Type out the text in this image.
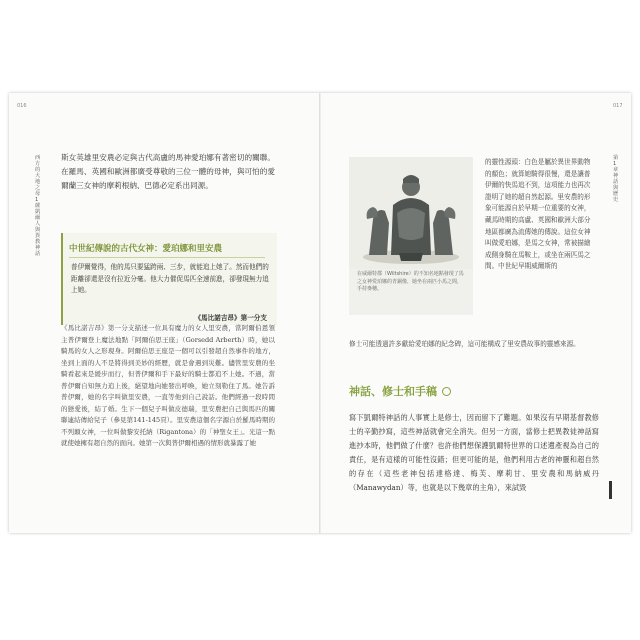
016
西方的大地之母 1 薩凱爾人與異教神話

斯女英雄里安農必定與古代高盧的馬神愛珀娜有著密切的關聯。在羅馬、英國和歐洲都廣受尊敬的三位一體的母神，與可怕的愛爾蘭三女神的摩莉根納、巴德必定系出同源。

中世紀傳說的古代女神：愛珀娜和里安農

普伊爾覺得，他的馬只要猛跨兩、三步，就能追上她了。然而他們的距離卻還是沒有拉近分毫。他大力催促馬匹全速前進，卻發現無力追上她。

《馬比諾吉昂》第一分支

《馬比諾吉昂》第一分支描述一位具有魔力的女人里安農，當阿爾伯恩領主普伊爾登上魔法地點「阿爾伯思王座」（Gorsedd Arberth）時，她以騎馬的女人之形現身。阿爾伯思王座是一個可以引發超自然事件的地方，坐到上面的人不是將得到美妙的經歷，就是會遇到災難。儘管里安農的坐騎看起來是緩步而行，但普伊爾和手下最好的騎士都追不上她。不過，當普伊爾自知無力追上後，絕望地向她發出呼喚，她立刻勒住了馬。她告訴普伊爾，她的名字叫做里安農，一直等他到自己說話。他們經過一段時間的戀愛後，結了婚。生下一個兒子叫做皮德瑞，里安農把自己與馬匹的關聯連結傳給兒子（參見第141-145頁）。里安農這個名字源自於羅馬時期的不列顛女神，一位叫做黎安托納（Rigantona）的「神聖女王」。光這一點就使她擁有超自然的面向。她第一次與普伊爾相遇的情形就暴露了她

017
第1章 神話與歷史

在威爾特郡（Wiltshire）的不知名地點發現了馬之女神愛珀娜的青銅像，她坐在兩匹小馬之間，手持麥穗。

的靈性源頭：白色是屬於異世界動物的顏色；就算她騎得很慢，還是讓普伊爾的快馬追不到，這項能力也再次證明了她的超自然起源。里安農的形象可能源自於早期一位重要的女神，藏馬時期的高盧、英國和歐洲大部分地區都廣為流傳她的傳說。這位女神叫做愛珀娜，是馬之女神，常被描繪成側身騎在馬鞍上，或坐在兩匹馬之間。中世紀早期威爾斯的

修士可能透過許多獻給愛珀娜的紀念碑，這可能構成了里安農故事的靈感來源。

神話、修士和手稿

寫下凱爾特神話的人事實上是修士，因而留下了難題。如果沒有早期基督教修士的辛勤抄寫，這些神話就會完全消失。但另一方面，當修士把異教徒神話寫進抄本時，他們做了什麼？也許他們想保護凱爾特世界的口述遺產視為自己的責任，是有這樣的可能性沒錯；但更可能的是，他們利用古老的神靈和超自然的存在（這些老神包括達格達、梅芙、摩莉甘、里安農和馬納威丹（Manawydan）等，也就是以下幾章的主角），來試毀
